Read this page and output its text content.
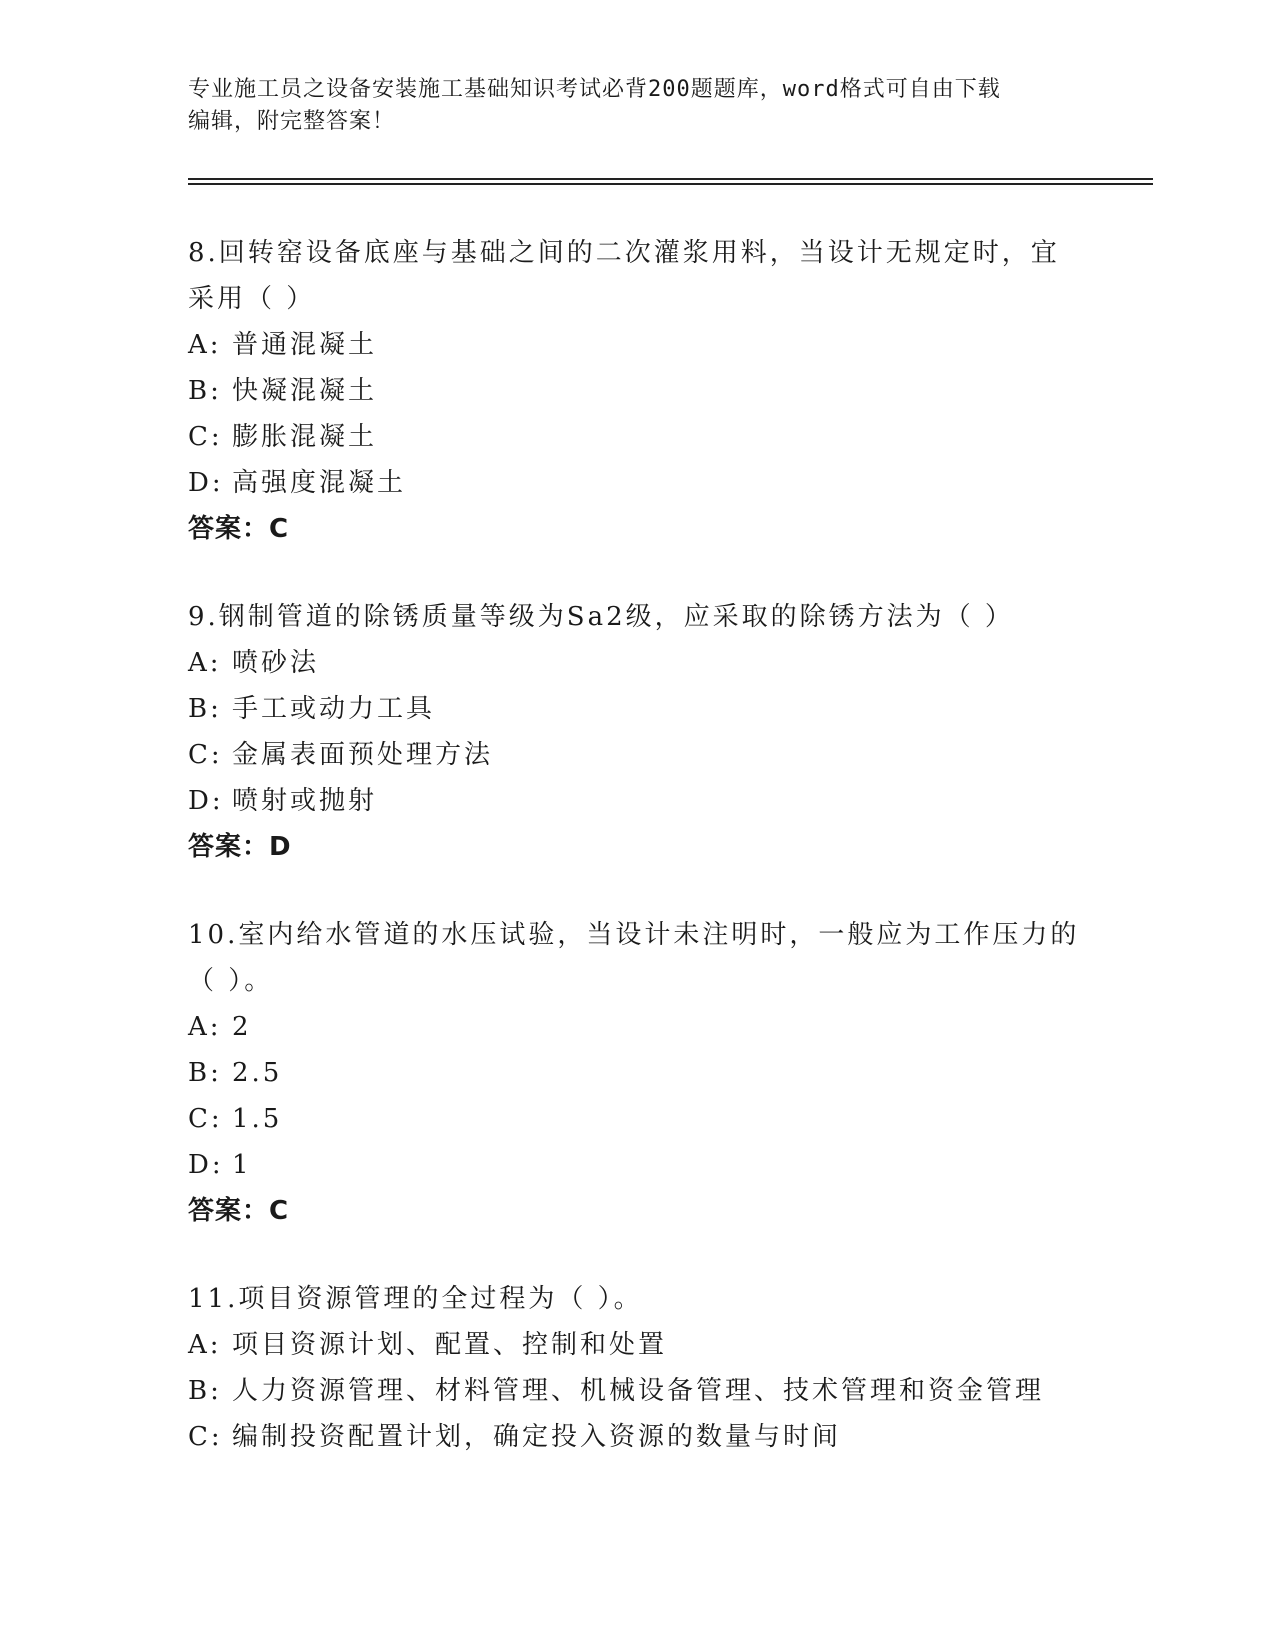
专业施工员之设备安装施工基础知识考试必背200题题库，word格式可自由下载
编辑，附完整答案！
8.回转窑设备底座与基础之间的二次灌浆用料，当设计无规定时，宜采用（ ）
A: 普通混凝土
B: 快凝混凝土
C: 膨胀混凝土
D: 高强度混凝土
答案：C
9.钢制管道的除锈质量等级为Sa2级，应采取的除锈方法为（ ）
A: 喷砂法
B: 手工或动力工具
C: 金属表面预处理方法
D: 喷射或抛射
答案：D
10.室内给水管道的水压试验，当设计未注明时，一般应为工作压力的（ ）。
A: 2
B: 2.5
C: 1.5
D: 1
答案：C
11.项目资源管理的全过程为（ ）。
A: 项目资源计划、配置、控制和处置
B: 人力资源管理、材料管理、机械设备管理、技术管理和资金管理
C: 编制投资配置计划，确定投入资源的数量与时间
